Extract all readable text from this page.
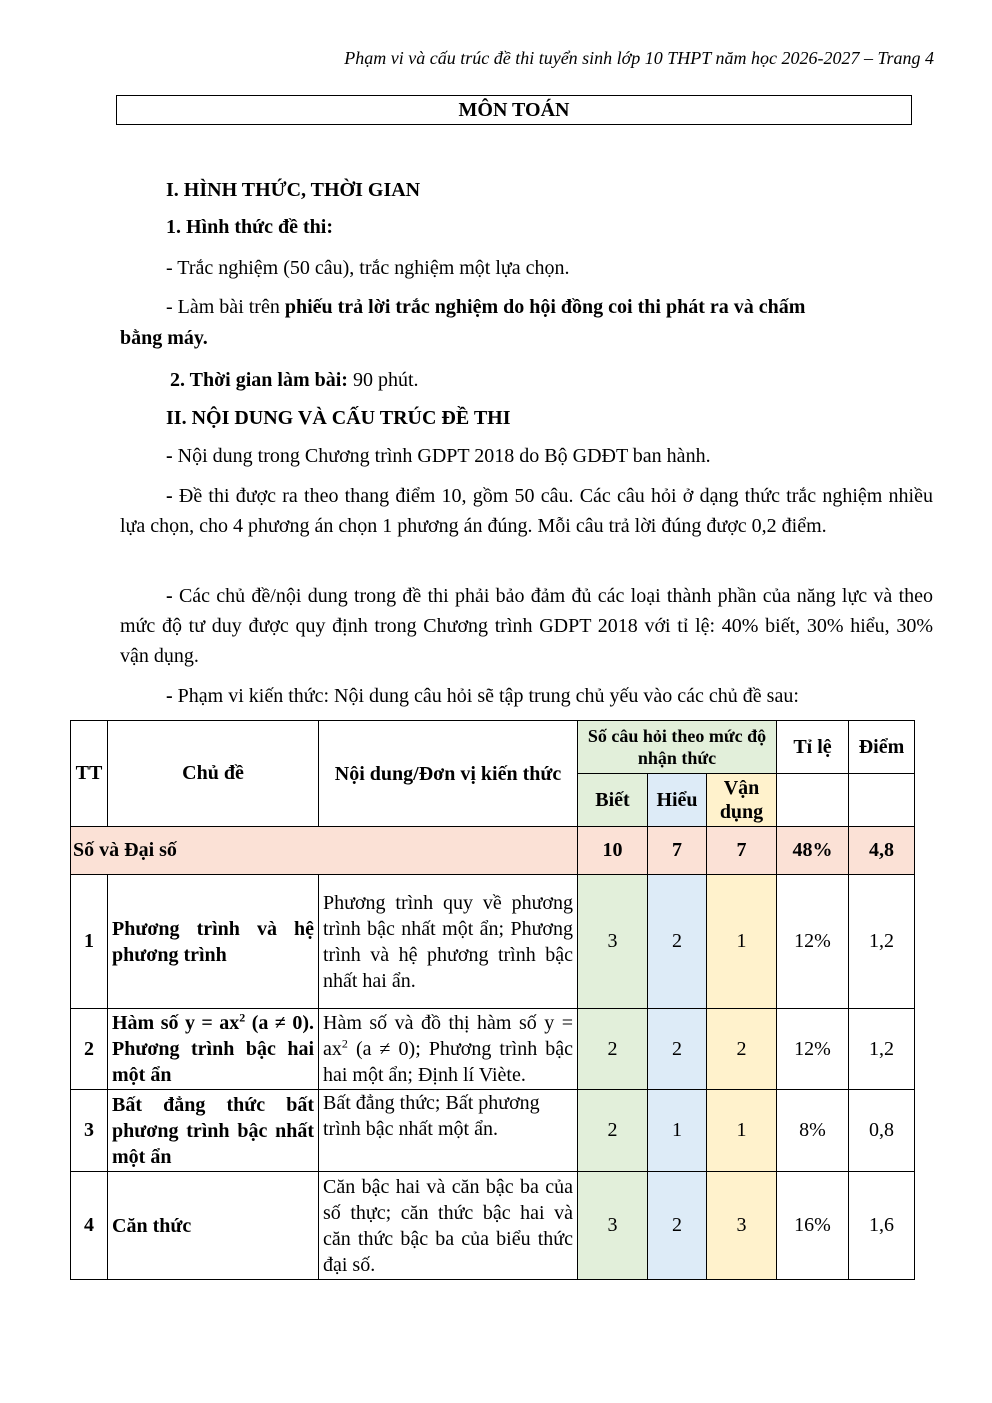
Phạm vi và cấu trúc đề thi tuyển sinh lớp 10 THPT năm học 2026-2027 – Trang 4
MÔN TOÁN
I. HÌNH THỨC, THỜI GIAN
1. Hình thức đề thi:
- Trắc nghiệm (50 câu), trắc nghiệm một lựa chọn.
- Làm bài trên phiếu trả lời trắc nghiệm do hội đồng coi thi phát ra và chấm
bằng máy.
2. Thời gian làm bài: 90 phút.
II. NỘI DUNG VÀ CẤU TRÚC ĐỀ THI
- Nội dung trong Chương trình GDPT 2018 do Bộ GDĐT ban hành.
- Đề thi được ra theo thang điểm 10, gồm 50 câu. Các câu hỏi ở dạng thức trắc nghiệm nhiều lựa chọn, cho 4 phương án chọn 1 phương án đúng. Mỗi câu trả lời đúng được 0,2 điểm.
- Các chủ đề/nội dung trong đề thi phải bảo đảm đủ các loại thành phần của năng lực và theo mức độ tư duy được quy định trong Chương trình GDPT 2018 với tỉ lệ: 40% biết, 30% hiểu, 30% vận dụng.
- Phạm vi kiến thức: Nội dung câu hỏi sẽ tập trung chủ yếu vào các chủ đề sau:
TT	Chủ đề	Nội dung/Đơn vị kiến thức	Số câu hỏi theo mức độ nhận thức			Tỉ lệ	Điểm
			Biết	Hiểu	Vận dụng		
Số và Đại số			10	7	7	48%	4,8
1	Phương trình và hệ phương trình	Phương trình quy về phương trình bậc nhất một ẩn; Phương trình và hệ phương trình bậc nhất hai ẩn.	3	2	1	12%	1,2
2	Hàm số $y = ax^2$ (a ≠ 0). Phương trình bậc hai một ẩn	Hàm số và đồ thị hàm số $y = ax^2$ (a ≠ 0); Phương trình bậc hai một ẩn; Định lí Viète.	2	2	2	12%	1,2
3	Bất đẳng thức bất phương trình bậc nhất một ẩn	Bất đẳng thức; Bất phương trình bậc nhất một ẩn.	2	1	1	8%	0,8
4	Căn thức	Căn bậc hai và căn bậc ba của số thực; căn thức bậc hai và căn thức bậc ba của biểu thức đại số.	3	2	3	16%	1,6
